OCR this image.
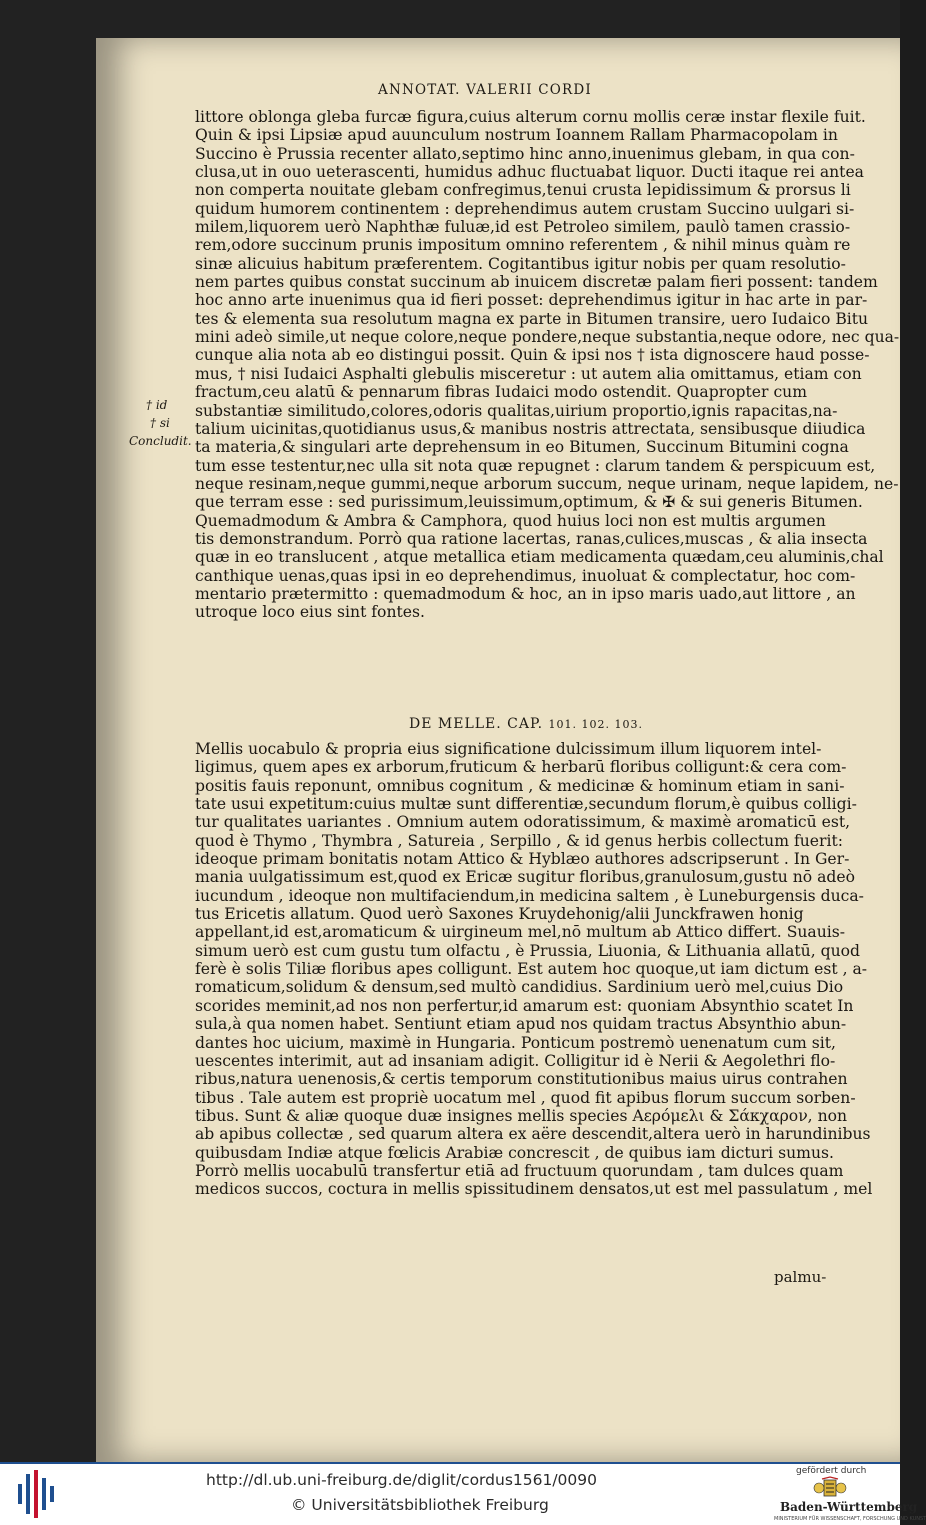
ANNOTAT. VALERII CORDI
littore oblonga gleba furcæ figura,cuius alterum cornu mollis ceræ instar flexile fuit.
Quin & ipsi Lipsiæ apud auunculum nostrum Ioannem Rallam Pharmacopolam in
Succino è Prussia recenter allato,septimo hinc anno,inuenimus glebam, in qua con-
clusa,ut in ouo ueterascenti, humidus adhuc fluctuabat liquor. Ducti itaque rei antea
non comperta nouitate glebam confregimus,tenui crusta lepidissimum & prorsus li
quidum humorem continentem : deprehendimus autem crustam Succino uulgari si-
milem,liquorem uerò Naphthæ fuluæ,id est Petroleo similem, paulò tamen crassio-
rem,odore succinum prunis impositum omnino referentem , & nihil minus quàm re
sinæ alicuius habitum præferentem. Cogitantibus igitur nobis per quam resolutio-
nem partes quibus constat succinum ab inuicem discretæ palam fieri possent: tandem
hoc anno arte inuenimus qua id fieri posset: deprehendimus igitur in hac arte in par-
tes & elementa sua resolutum magna ex parte in Bitumen transire, uero Iudaico Bitu
mini adeò simile,ut neque colore,neque pondere,neque substantia,neque odore, nec qua-
cunque alia nota ab eo distingui possit. Quin & ipsi nos † ista dignoscere haud posse-
mus, † nisi Iudaici Asphalti glebulis misceretur : ut autem alia omittamus, etiam con
fractum,ceu alatū & pennarum fibras Iudaici modo ostendit. Quapropter cum
substantiæ similitudo,colores,odoris qualitas,uirium proportio,ignis rapacitas,na-
talium uicinitas,quotidianus usus,& manibus nostris attrectata, sensibusque diiudica
ta materia,& singulari arte deprehensum in eo Bitumen, Succinum Bitumini cogna
tum esse testentur,nec ulla sit nota quæ repugnet : clarum tandem & perspicuum est,
neque resinam,neque gummi,neque arborum succum, neque urinam, neque lapidem, ne-
que terram esse : sed purissimum,leuissimum,optimum, & ✠ & sui generis Bitumen.
Quemadmodum & Ambra & Camphora, quod huius loci non est multis argumen
tis demonstrandum. Porrò qua ratione lacertas, ranas,culices,muscas , & alia insecta
quæ in eo translucent , atque metallica etiam medicamenta quædam,ceu aluminis,chal
canthique uenas,quas ipsi in eo deprehendimus, inuoluat & complectatur, hoc com-
mentario prætermitto : quemadmodum & hoc, an in ipso maris uado,aut littore , an
utroque loco eius sint fontes.
† id
† si
Concludit.
DE MELLE. CAP. 101. 102. 103.
Mellis uocabulo & propria eius significatione dulcissimum illum liquorem intel-
ligimus, quem apes ex arborum,fruticum & herbarū floribus colligunt:& cera com-
positis fauis reponunt, omnibus cognitum , & medicinæ & hominum etiam in sani-
tate usui expetitum:cuius multæ sunt differentiæ,secundum florum,è quibus colligi-
tur qualitates uariantes . Omnium autem odoratissimum, & maximè aromaticū est,
quod è Thymo , Thymbra , Satureia , Serpillo , & id genus herbis collectum fuerit:
ideoque primam bonitatis notam Attico & Hyblæo authores adscripserunt . In Ger-
mania uulgatissimum est,quod ex Ericæ sugitur floribus,granulosum,gustu nō adeò
iucundum , ideoque non multifaciendum,in medicina saltem , è Luneburgensis duca-
tus Ericetis allatum. Quod uerò Saxones Kruydehonig/alii Junckfrawen honig
appellant,id est,aromaticum & uirgineum mel,nō multum ab Attico differt. Suauis-
simum uerò est cum gustu tum olfactu , è Prussia, Liuonia, & Lithuania allatū, quod
ferè è solis Tiliæ floribus apes colligunt. Est autem hoc quoque,ut iam dictum est , a-
romaticum,solidum & densum,sed multò candidius. Sardinium uerò mel,cuius Dio
scorides meminit,ad nos non perfertur,id amarum est: quoniam Absynthio scatet In
sula,à qua nomen habet. Sentiunt etiam apud nos quidam tractus Absynthio abun-
dantes hoc uicium, maximè in Hungaria. Ponticum postremò uenenatum cum sit,
uescentes interimit, aut ad insaniam adigit. Colligitur id è Nerii & Aegolethri flo-
ribus,natura uenenosis,& certis temporum constitutionibus maius uirus contrahen
tibus . Tale autem est propriè uocatum mel , quod fit apibus florum succum sorben-
tibus. Sunt & aliæ quoque duæ insignes mellis species Αερόμελι & Σάκχαρον, non
ab apibus collectæ , sed quarum altera ex aëre descendit,altera uerò in harundinibus
quibusdam Indiæ atque fœlicis Arabiæ concrescit , de quibus iam dicturi sumus.
Porrò mellis uocabulū transfertur etiā ad fructuum quorundam , tam dulces quam
medicos succos, coctura in mellis spissitudinem densatos,ut est mel passulatum , mel
palmu-
http://dl.ub.uni-freiburg.de/diglit/cordus1561/0090
© Universitätsbibliothek Freiburg
gefördert durch
Baden-Württemberg
MINISTERIUM FÜR WISSENSCHAFT, FORSCHUNG UND KUNST
